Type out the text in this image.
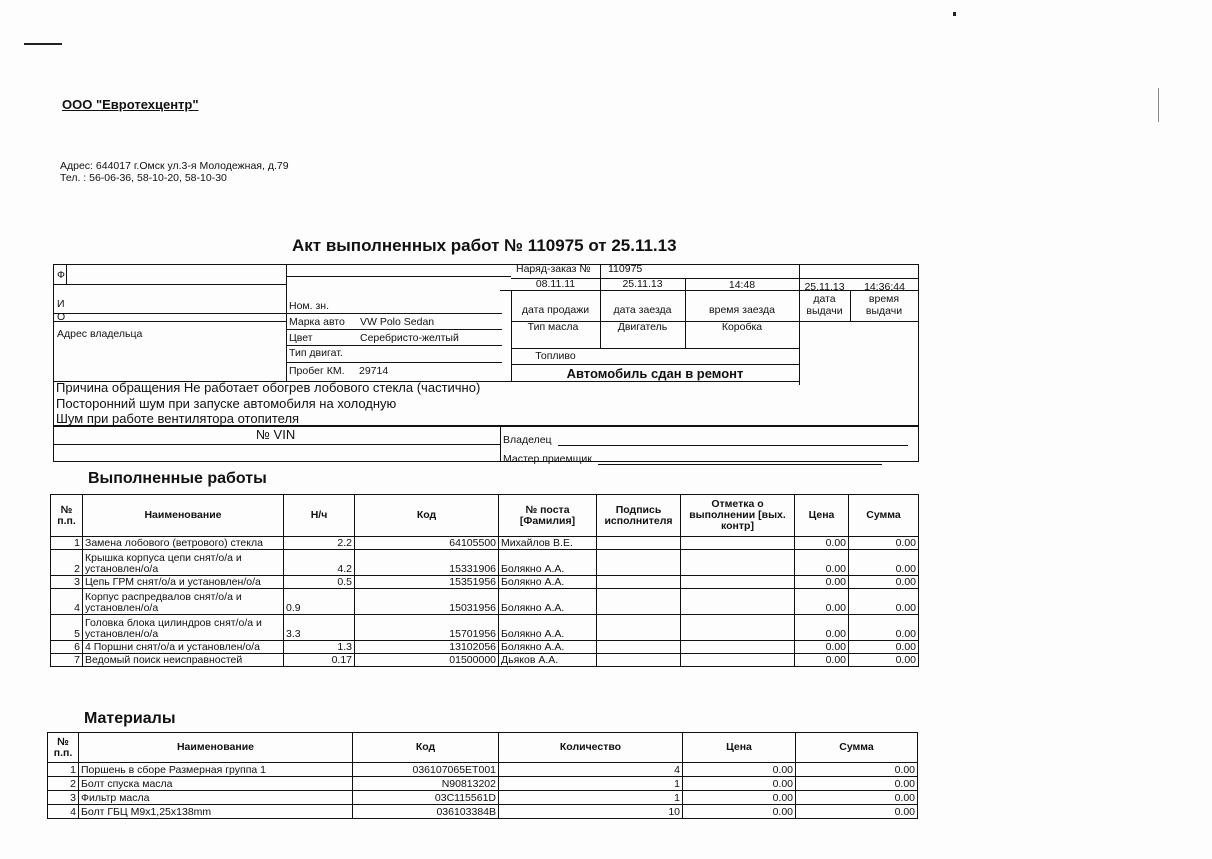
ООО "Евротехцентр"
Адрес: 644017 г.Омск ул.3-я Молодежная, д.79
Тел. : 56-06-36, 58-10-20, 58-10-30
Акт выполненных работ № 110975 от 25.11.13
Ф
И
О
Адрес владельца
Наряд-заказ № 110975
08.11.11	25.11.13	14:48	25.11.13	14:36:44
дата продажи	дата заезда	время заезда
дата выдачи
время выдачи
Ном. зн.
Марка авто VW Polo Sedan
Цвет	Серебристо-желтый
Тип двигат.
Пробег КМ. 29714
Тип масла	Двигатель	Коробка
Топливо
Автомобиль сдан в ремонт
Причина обращения Не работает обогрев лобового стекла (частично)
Посторонний шум при запуске автомобиля на холодную
Шум при работе вентилятора отопителя
№ VIN	Владелец
Мастер приемщик
Выполненные работы
№ п.п.	Наименование	Н/ч	Код	№ поста [Фамилия]	Подпись исполнителя	Отметка о выполнении [вых. контр]	Цена	Сумма
1	Замена лобового (ветрового) стекла	2.2	64105500	Михайлов В.Е.			0.00	0.00
2	Крышка корпуса цепи снят/о/а и установлен/о/а	4.2	15331906	Болякно А.А.			0.00	0.00
3	Цепь ГРМ снят/о/а и установлен/о/а	0.5	15351956	Болякно А.А.			0.00	0.00
4	Корпус распредвалов снят/о/а и установлен/о/а	0.9	15031956	Болякно А.А.			0.00	0.00
5	Головка блока цилиндров снят/о/а и установлен/о/а	3.3	15701956	Болякно А.А.			0.00	0.00
6	4 Поршни снят/о/а и установлен/о/а	1.3	13102056	Болякно А.А.			0.00	0.00
7	Ведомый поиск неисправностей	0.17	01500000	Дьяков А.А.			0.00	0.00
Материалы
№ п.п.	Наименование	Код	Количество	Цена	Сумма
1	Поршень в сборе Размерная группа 1	036107065ET001	4	0.00	0.00
2	Болт спуска масла	N90813202	1	0.00	0.00
3	Фильтр масла	03C115561D	1	0.00	0.00
4	Болт ГБЦ M9x1,25x138mm	036103384B	10	0.00	0.00
